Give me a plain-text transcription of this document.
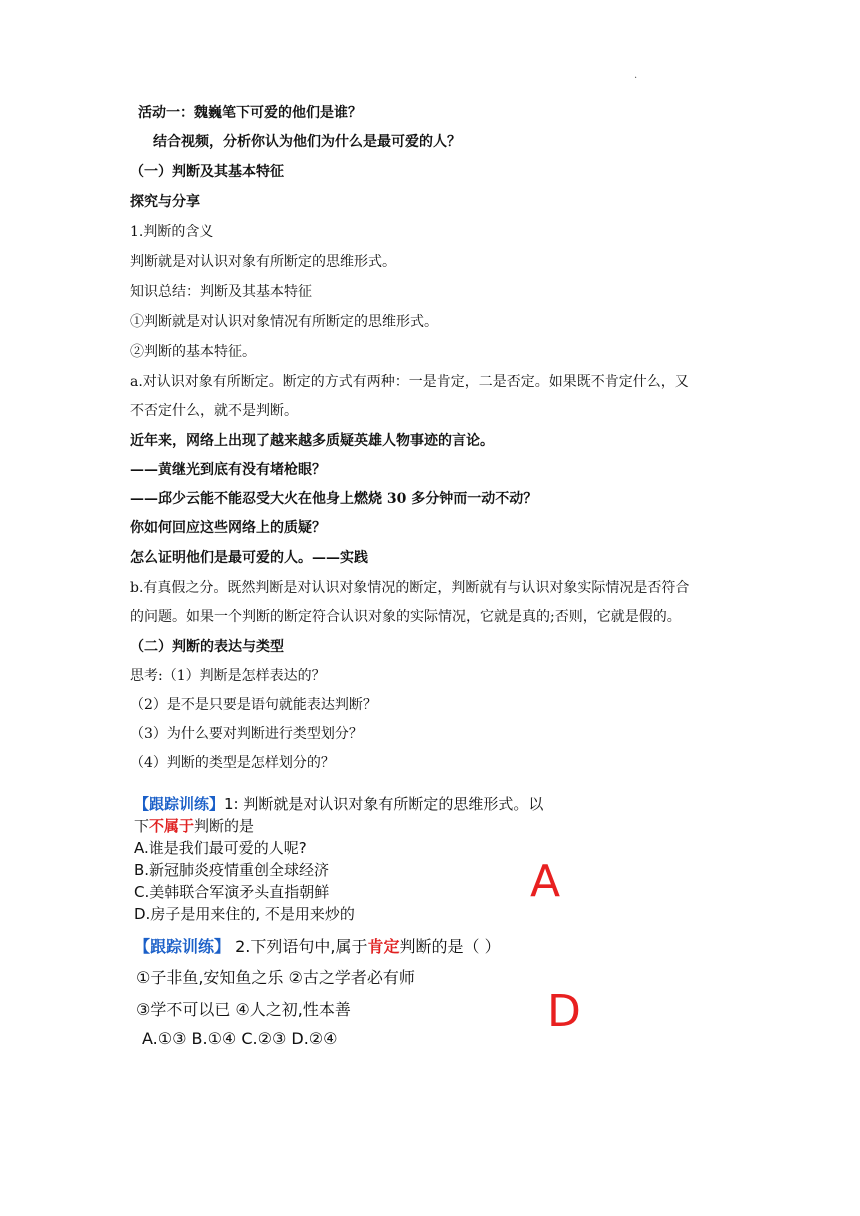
.
活动一：魏巍笔下可爱的他们是谁？
结合视频，分析你认为他们为什么是最可爱的人？
（一）判断及其基本特征
探究与分享
1.判断的含义
判断就是对认识对象有所断定的思维形式。
知识总结：判断及其基本特征
①判断就是对认识对象情况有所断定的思维形式。
②判断的基本特征。
a.对认识对象有所断定。断定的方式有两种：一是肯定，二是否定。如果既不肯定什么，又
不否定什么，就不是判断。
近年来，网络上出现了越来越多质疑英雄人物事迹的言论。
——黄继光到底有没有堵枪眼？
——邱少云能不能忍受大火在他身上燃烧 30 多分钟而一动不动？
你如何回应这些网络上的质疑？
怎么证明他们是最可爱的人。——实践
b.有真假之分。既然判断是对认识对象情况的断定，判断就有与认识对象实际情况是否符合
的问题。如果一个判断的断定符合认识对象的实际情况，它就是真的;否则，它就是假的。
（二）判断的表达与类型
思考:（1）判断是怎样表达的？
（2）是不是只要是语句就能表达判断？
（3）为什么要对判断进行类型划分？
（4）判断的类型是怎样划分的？
【跟踪训练】1: 判断就是对认识对象有所断定的思维形式。以
下不属于判断的是
A.谁是我们最可爱的人呢?
B.新冠肺炎疫情重创全球经济
C.美韩联合军演矛头直指朝鲜
D.房子是用来住的, 不是用来炒的
A
【跟踪训练】 2.下列语句中,属于肯定判断的是（ ）
①子非鱼,安知鱼之乐 ②古之学者必有师
③学不可以已 ④人之初,性本善
A.①③ B.①④ C.②③ D.②④
D
